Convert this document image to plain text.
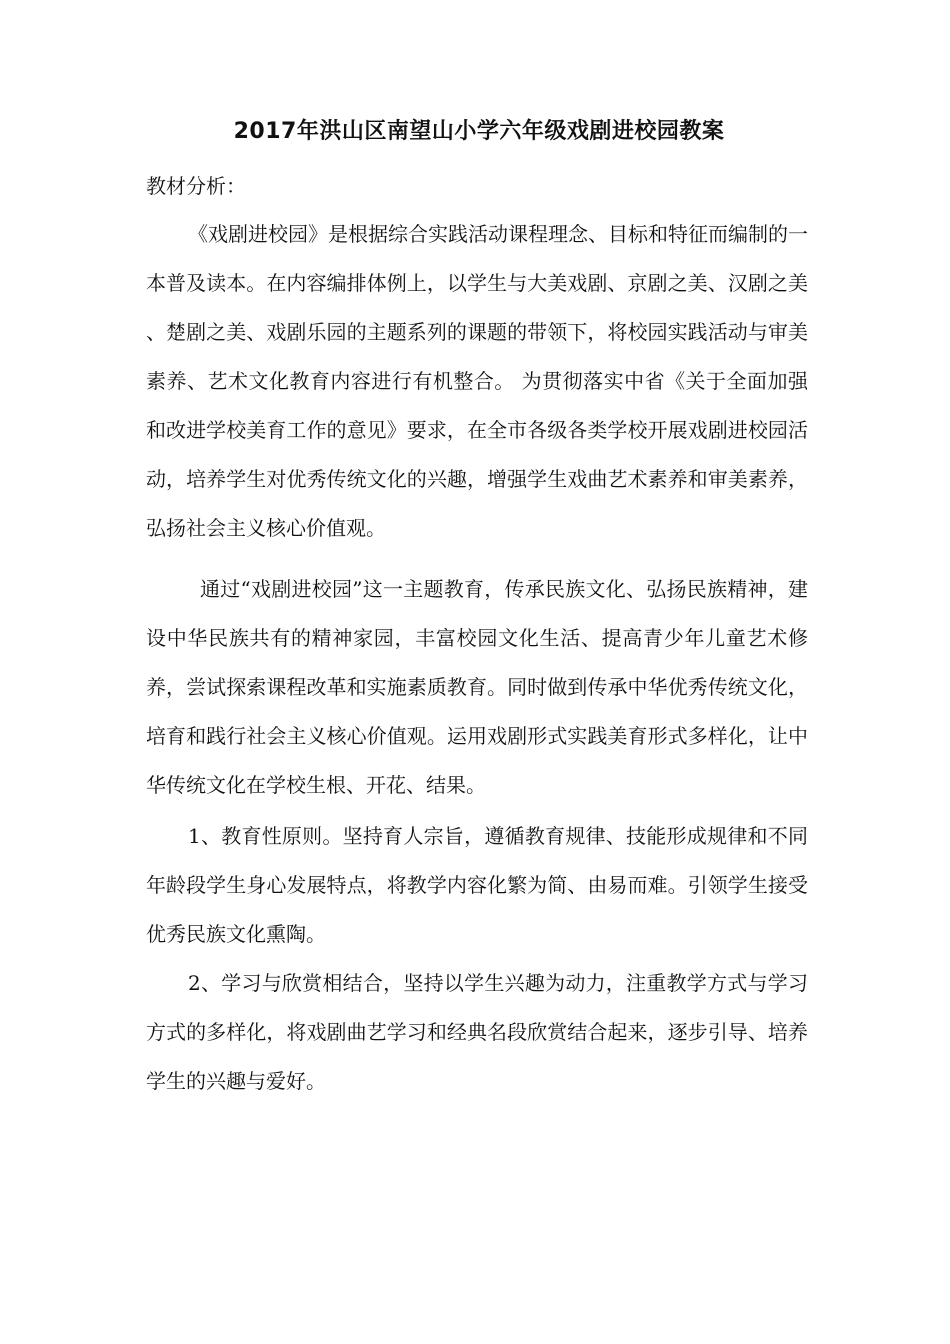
2017年洪山区南望山小学六年级戏剧进校园教案

教材分析：

《戏剧进校园》是根据综合实践活动课程理念、目标和特征而编制的一本普及读本。在内容编排体例上，以学生与大美戏剧、京剧之美、汉剧之美 、楚剧之美、戏剧乐园的主题系列的课题的带领下，将校园实践活动与审美素养、艺术文化教育内容进行有机整合。 为贯彻落实中省《关于全面加强和改进学校美育工作的意见》要求，在全市各级各类学校开展戏剧进校园活动，培养学生对优秀传统文化的兴趣，增强学生戏曲艺术素养和审美素养，弘扬社会主义核心价值观。

通过“戏剧进校园”这一主题教育，传承民族文化、弘扬民族精神，建设中华民族共有的精神家园，丰富校园文化生活、提高青少年儿童艺术修养，尝试探索课程改革和实施素质教育。同时做到传承中华优秀传统文化，培育和践行社会主义核心价值观。运用戏剧形式实践美育形式多样化，让中华传统文化在学校生根、开花、结果。

1、教育性原则。坚持育人宗旨，遵循教育规律、技能形成规律和不同年龄段学生身心发展特点，将教学内容化繁为简、由易而难。引领学生接受优秀民族文化熏陶。

2、学习与欣赏相结合，坚持以学生兴趣为动力，注重教学方式与学习方式的多样化，将戏剧曲艺学习和经典名段欣赏结合起来，逐步引导、培养学生的兴趣与爱好。
